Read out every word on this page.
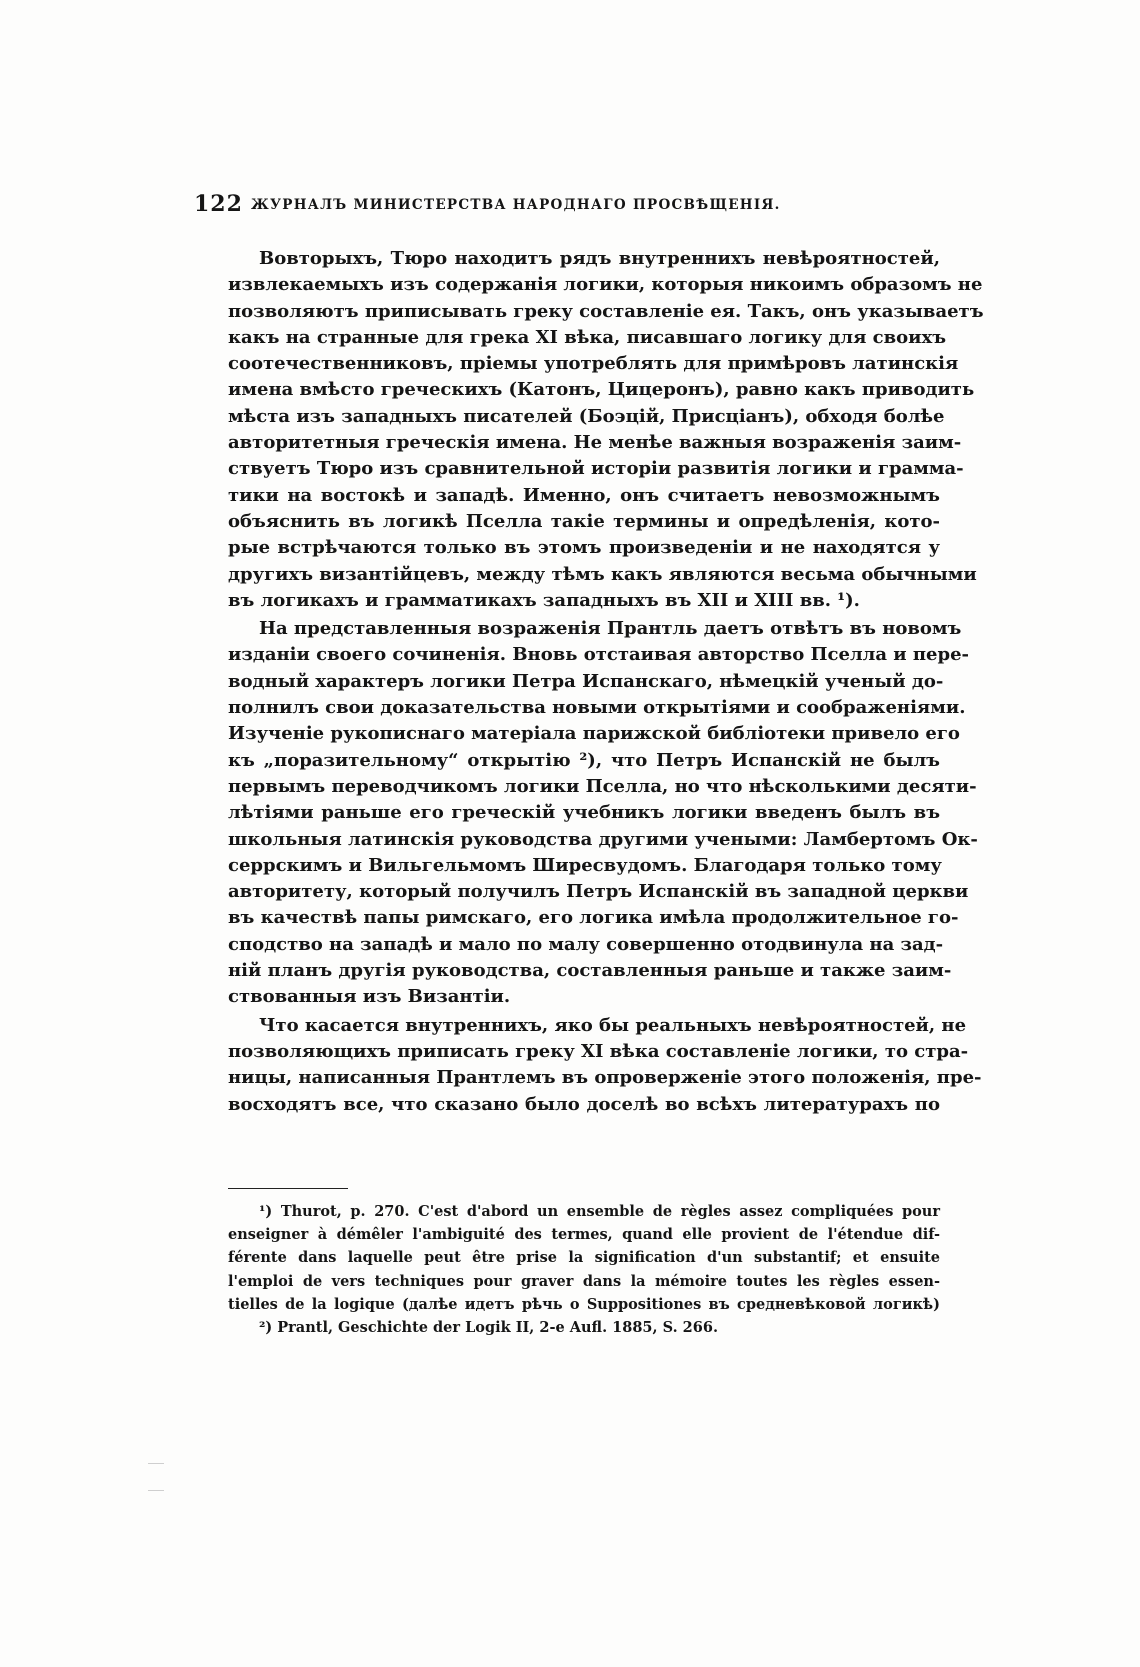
122 ЖУРНАЛЪ МИНИСТЕРСТВА НАРОДНАГО ПРОСВѢЩЕНІЯ.
Вовторыхъ, Тюро находитъ рядъ внутреннихъ невѣроятностей,
извлекаемыхъ изъ содержанія логики, которыя никоимъ образомъ не
позволяютъ приписывать греку составленіе ея. Такъ, онъ указываетъ
какъ на странные для грека XI вѣка, писавшаго логику для своихъ
соотечественниковъ, пріемы употреблять для примѣровъ латинскія
имена вмѣсто греческихъ (Катонъ, Цицеронъ), равно какъ приводить
мѣста изъ западныхъ писателей (Боэцій, Присціанъ), обходя болѣе
авторитетныя греческія имена. Не менѣе важныя возраженія заим-
ствуетъ Тюро изъ сравнительной исторіи развитія логики и грамма-
тики на востокѣ и западѣ. Именно, онъ считаетъ невозможнымъ
объяснить въ логикѣ Пселла такіе термины и опредѣленія, кото-
рые встрѣчаются только въ этомъ произведеніи и не находятся у
другихъ византійцевъ, между тѣмъ какъ являются весьма обычными
въ логикахъ и грамматикахъ западныхъ въ XII и XIII вв. ¹).
На представленныя возраженія Прантль даетъ отвѣтъ въ новомъ
изданіи своего сочиненія. Вновь отстаивая авторство Пселла и пере-
водный характеръ логики Петра Испанскаго, нѣмецкій ученый до-
полнилъ свои доказательства новыми открытіями и соображеніями.
Изученіе рукописнаго матеріала парижской библіотеки привело его
къ „поразительному“ открытію ²), что Петръ Испанскій не былъ
первымъ переводчикомъ логики Пселла, но что нѣсколькими десяти-
лѣтіями раньше его греческій учебникъ логики введенъ былъ въ
школьныя латинскія руководства другими учеными: Ламбертомъ Ок-
серрскимъ и Вильгельмомъ Ширесвудомъ. Благодаря только тому
авторитету, который получилъ Петръ Испанскій въ западной церкви
въ качествѣ папы римскаго, его логика имѣла продолжительное го-
сподство на западѣ и мало по малу совершенно отодвинула на зад-
ній планъ другія руководства, составленныя раньше и также заим-
ствованныя изъ Византіи.
Что касается внутреннихъ, яко бы реальныхъ невѣроятностей, не
позволяющихъ приписать греку XI вѣка составленіе логики, то стра-
ницы, написанныя Прантлемъ въ опроверженіе этого положенія, пре-
восходятъ все, что сказано было доселѣ во всѣхъ литературахъ по
¹) Thurot, p. 270. C'est d'abord un ensemble de règles assez compliquées pour
enseigner à démêler l'ambiguité des termes, quand elle provient de l'étendue dif-
férente dans laquelle peut être prise la signification d'un substantif; et ensuite
l'emploi de vers techniques pour graver dans la mémoire toutes les règles essen-
tielles de la logique (далѣе идетъ рѣчь о Suppositiones въ средневѣковой логикѣ)
²) Prantl, Geschichte der Logik II, 2-е Aufl. 1885, S. 266.
